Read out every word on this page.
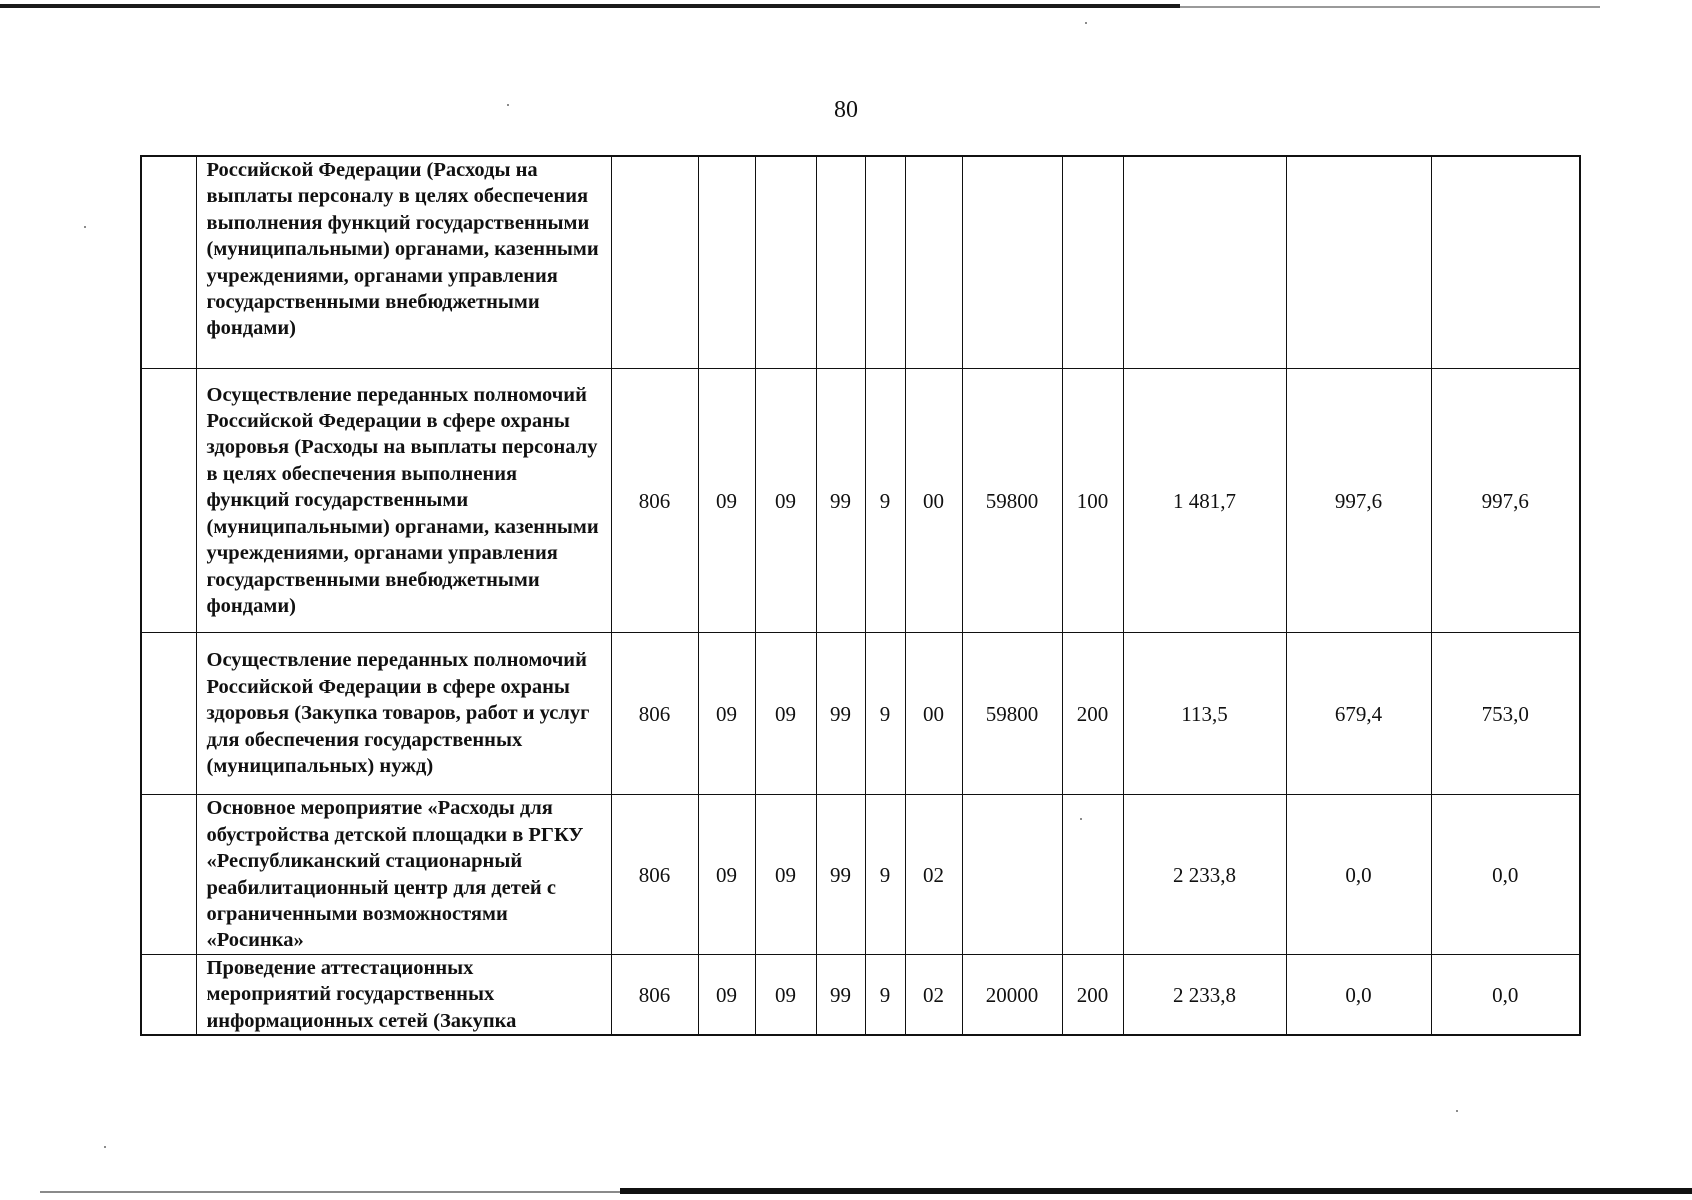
80

	Российской Федерации (Расходы на выплаты персоналу в целях обеспечения выполнения функций государственными (муниципальными) органами, казенными учреждениями, органами управления государственными внебюджетными фондами)											

	Осуществление переданных полномочий Российской Федерации в сфере охраны здоровья (Расходы на выплаты персоналу в целях обеспечения выполнения функций государственными (муниципальными) органами, казенными учреждениями, органами управления государственными внебюджетными фондами)	806	09	09	99	9	00	59800	100	1 481,7	997,6	997,6

	Осуществление переданных полномочий Российской Федерации в сфере охраны здоровья (Закупка товаров, работ и услуг для обеспечения государственных (муниципальных) нужд)	806	09	09	99	9	00	59800	200	113,5	679,4	753,0

	Основное мероприятие «Расходы для обустройства детской площадки в РГКУ «Республиканский стационарный реабилитационный центр для детей с ограниченными возможностями «Росинка»	806	09	09	99	9	02			2 233,8	0,0	0,0

	Проведение аттестационных мероприятий государственных информационных сетей (Закупка	806	09	09	99	9	02	20000	200	2 233,8	0,0	0,0
